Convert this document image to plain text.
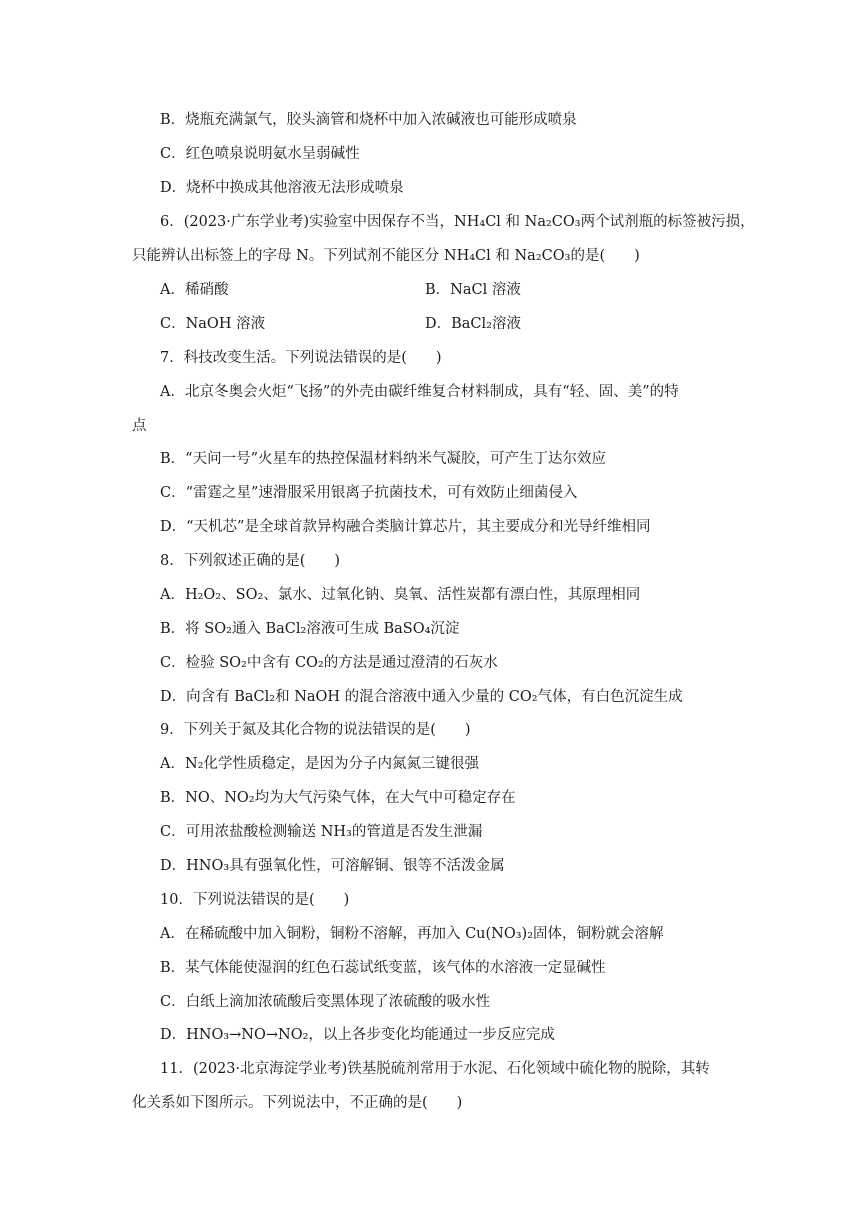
B．烧瓶充满氯气，胶头滴管和烧杯中加入浓碱液也可能形成喷泉
C．红色喷泉说明氨水呈弱碱性
D．烧杯中换成其他溶液无法形成喷泉
6．(2023·广东学业考)实验室中因保存不当，NH₄Cl 和 Na₂CO₃两个试剂瓶的标签被污损，
只能辨认出标签上的字母 N。下列试剂不能区分 NH₄Cl 和 Na₂CO₃的是(　　)
A．稀硝酸	B．NaCl 溶液
C．NaOH 溶液	D．BaCl₂溶液
7．科技改变生活。下列说法错误的是(　　)
A．北京冬奥会火炬“飞扬”的外壳由碳纤维复合材料制成，具有“轻、固、美”的特
点
B．“天问一号”火星车的热控保温材料纳米气凝胶，可产生丁达尔效应
C．“雷霆之星”速滑服采用银离子抗菌技术，可有效防止细菌侵入
D．“天机芯”是全球首款异构融合类脑计算芯片，其主要成分和光导纤维相同
8．下列叙述正确的是(　　)
A．H₂O₂、SO₂、氯水、过氧化钠、臭氧、活性炭都有漂白性，其原理相同
B．将 SO₂通入 BaCl₂溶液可生成 BaSO₄沉淀
C．检验 SO₂中含有 CO₂的方法是通过澄清的石灰水
D．向含有 BaCl₂和 NaOH 的混合溶液中通入少量的 CO₂气体，有白色沉淀生成
9．下列关于氮及其化合物的说法错误的是(　　)
A．N₂化学性质稳定，是因为分子内氮氮三键很强
B．NO、NO₂均为大气污染气体，在大气中可稳定存在
C．可用浓盐酸检测输送 NH₃的管道是否发生泄漏
D．HNO₃具有强氧化性，可溶解铜、银等不活泼金属
10．下列说法错误的是(　　)
A．在稀硫酸中加入铜粉，铜粉不溶解，再加入 Cu(NO₃)₂固体，铜粉就会溶解
B．某气体能使湿润的红色石蕊试纸变蓝，该气体的水溶液一定显碱性
C．白纸上滴加浓硫酸后变黑体现了浓硫酸的吸水性
D．HNO₃→NO→NO₂，以上各步变化均能通过一步反应完成
11．(2023·北京海淀学业考)铁基脱硫剂常用于水泥、石化领域中硫化物的脱除，其转
化关系如下图所示。下列说法中，不正确的是(　　)
